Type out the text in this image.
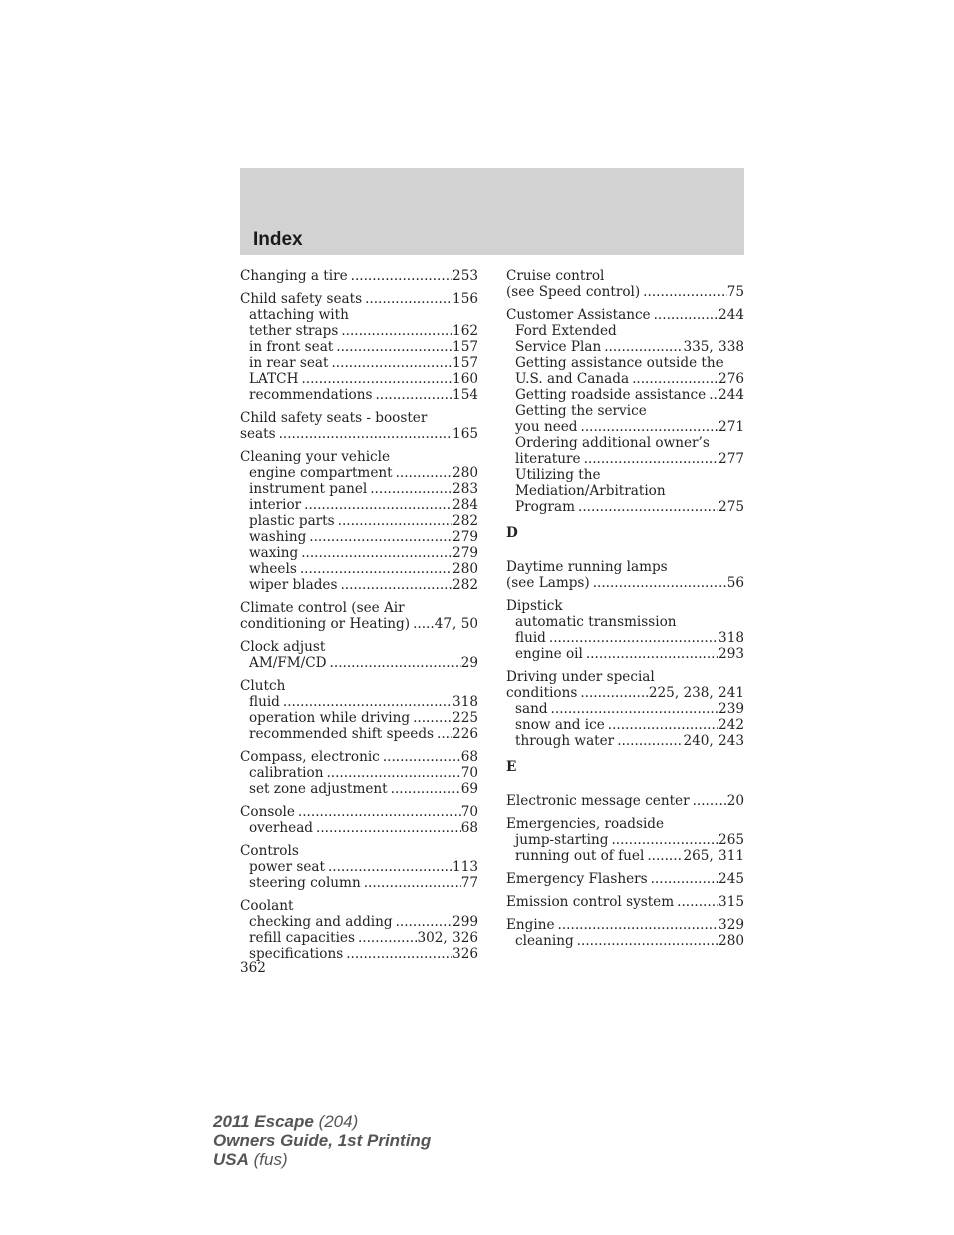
Index
Changing a tire .....	253
Child safety seats .....	156
attaching with
tether straps .....	162
in front seat .....	157
in rear seat .....	157
LATCH .....	160
recommendations .....	154
Child safety seats - booster
seats .....	165
Cleaning your vehicle
engine compartment .....	280
instrument panel .....	283
interior .....	284
plastic parts .....	282
washing .....	279
waxing .....	279
wheels .....	280
wiper blades .....	282
Climate control (see Air
conditioning or Heating) ..... 47, 50
Clock adjust
AM/FM/CD .....	29
Clutch
fluid .....	318
operation while driving .....	225
recommended shift speeds ..... 226
Compass, electronic .....	68
calibration .....	70
set zone adjustment .....	69
Console .....	70
overhead .....	68
Controls
power seat .....	113
steering column .....	77
Coolant
checking and adding .....	299
refill capacities .....	302, 326
specifications .....	326
Cruise control
(see Speed control) .....	75
Customer Assistance .....	244
Ford Extended
Service Plan .....	335, 338
Getting assistance outside the
U.S. and Canada .....	276
Getting roadside assistance ..... 244
Getting the service
you need .....	271
Ordering additional owner’s
literature .....	277
Utilizing the
Mediation/Arbitration
Program .....	275
D
Daytime running lamps
(see Lamps) .....	56
Dipstick
automatic transmission
fluid .....	318
engine oil .....	293
Driving under special
conditions .....	225, 238, 241
sand .....	239
snow and ice .....	242
through water .....	240, 243
E
Electronic message center .....	20
Emergencies, roadside
jump-starting .....	265
running out of fuel .....	265, 311
Emergency Flashers .....	245
Emission control system .....	315
Engine .....	329
cleaning .....	280
362
2011 Escape (204)
Owners Guide, 1st Printing
USA (fus)
